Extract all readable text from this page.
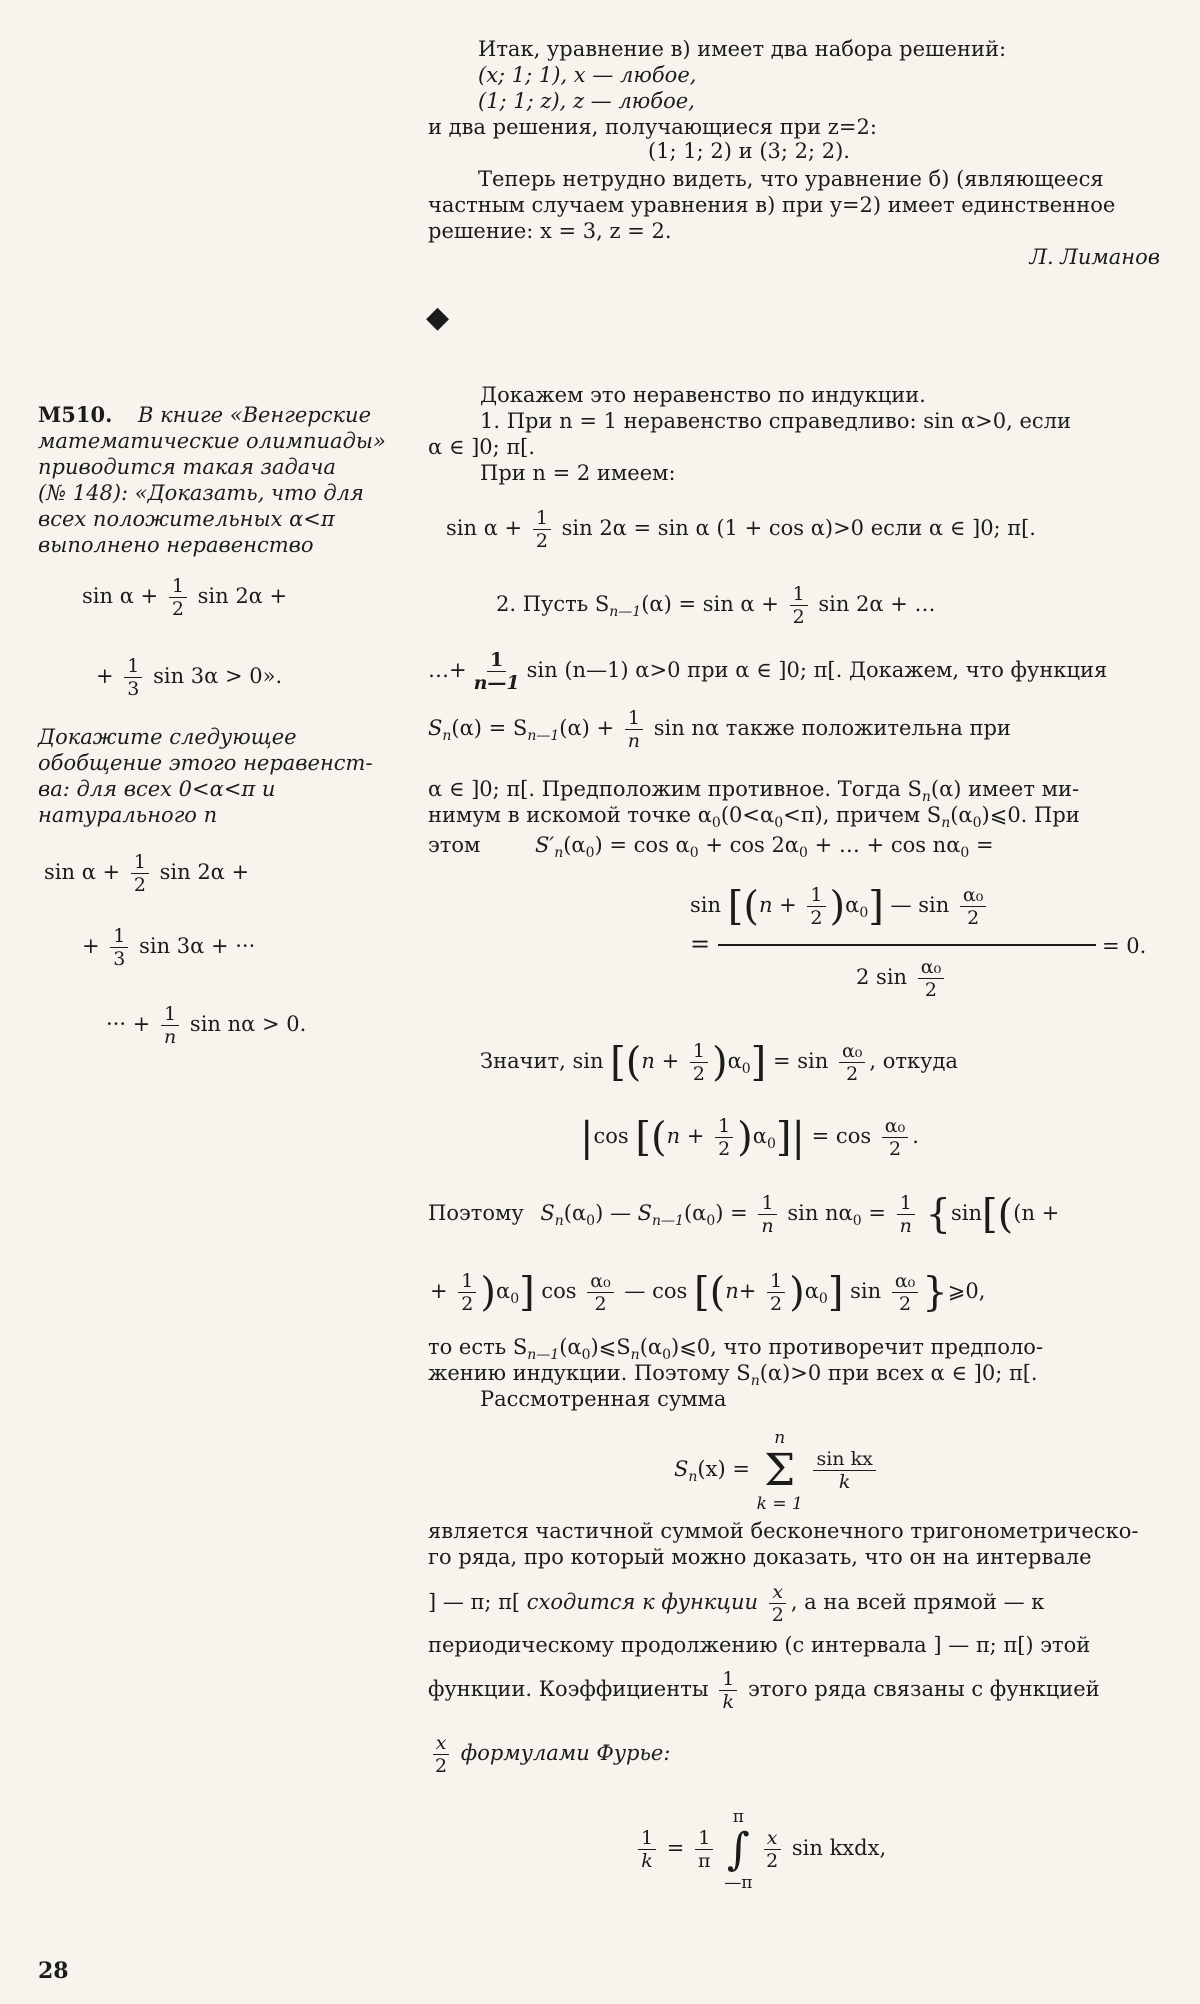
Итак, уравнение в) имеет два набора решений:
(x; 1; 1), x — любое,
(1; 1; z), z — любое,
и два решения, получающиеся при z=2:
(1; 1; 2) и (3; 2; 2).
Теперь нетрудно видеть, что уравнение б) (являющееся
частным случаем уравнения в) при y=2) имеет единственное
решение: x = 3, z = 2.
Л. Лиманов
◆
М510. В книге «Венгерские
математические олимпиады»
приводится такая задача
(№ 148): «Доказать, что для
всех положительных α<π
выполнено неравенство
$\sin \alpha + \frac{1}{2}$ sin 2α +
+ $\frac{1}{3}$ sin 3α > 0».
Докажите следующее
обобщение этого неравенст-
ва: для всех 0<α<π и
натурального n
$\sin \alpha + \frac{1}{2}$ sin 2α +
+ $\frac{1}{3}$ sin 3α + ···
··· + $\frac{1}{n}$ sin nα > 0.
Докажем это неравенство по индукции.
1. При n = 1 неравенство справедливо: sin α>0, если
α ∈ ]0; π[.
При n = 2 имеем:
$\sin \alpha + \frac{1}{2}$ sin 2α = sin α (1 + cos α)>0 если α ∈ ]0; π[.
2. Пусть $S_{n—1}(\alpha) = \sin \alpha + \frac{1}{2}$ sin 2α + …
…+ $\frac{1}{n—1}$ sin (n—1) α>0 при α ∈ ]0; π[. Докажем, что функция
$S_n(\alpha) = S_{n—1}(\alpha) + \frac{1}{n}$ sin nα также положительна при
α ∈ ]0; π[. Предположим противное. Тогда $S_n(\alpha)$ имеет ми-
нимум в искомой точке $\alpha_0(0<\alpha_0<\pi)$, причем $S_n(\alpha_0)⩽0$. При
этом	$S'_n(\alpha_0) = \cos \alpha_0 + \cos 2\alpha_0$ + … + $\cos n\alpha_0$ =
$\sin [(n + \frac{1}{2} )\alpha_0]$ — $\sin \frac{\text{α₀}}{2}$
=
2 $\sin \frac{\text{α₀}}{2}$
= 0.
Значит, $\sin [(n + \frac{1}{2} )\alpha_0] = \sin \frac{\text{α₀}}{2}$ , откуда
|cos $[(n + \frac{1}{2} )\alpha_0]| = \cos \frac{\text{α₀}}{2}$ .
Поэтому $S_n(\alpha_0)$ — $S_{n—1}(\alpha_0) = \frac{1}{n}$ $\sin n\alpha_0 = \frac{1}{n} \{\sin[((n$ +
+ $\frac{1}{2} )\alpha_0$] $\cos \frac{\text{α₀}}{2}$ — $\cos [(n+ \frac{1}{2} )\alpha_0]$ $\sin \frac{\text{α₀}}{2}$ }⩾0,
то есть $S_{n—1}(\alpha_0)⩽S_n(\alpha_0)⩽0$, что противоречит предполо-
жению индукции. Поэтому $S_n(\alpha)>0$ при всех α ∈ ]0; π[.
Рассмотренная сумма
$S_n(x)$ =
n
Σ
k = 1

$\frac{\text{sin kx}}{k}$
является частичной суммой бесконечного тригонометричеcко-
го ряда, про который можно доказать, что он на интервале
] — π; π[ сходится к функции $\frac{x}{2}$ , а на всей прямой — к
периодическому продолжению (с интервала ] — π; π[) этой
функции. Коэффициенты $\frac{1}{k}$ этого ряда связаны с функцией
$\frac{x}{2}$ формулами Фурье:
$\frac{1}{k} = \frac{1}{\pi}$

π
∫
—π

$\frac{x}{2}$ sin kxdx,
28
